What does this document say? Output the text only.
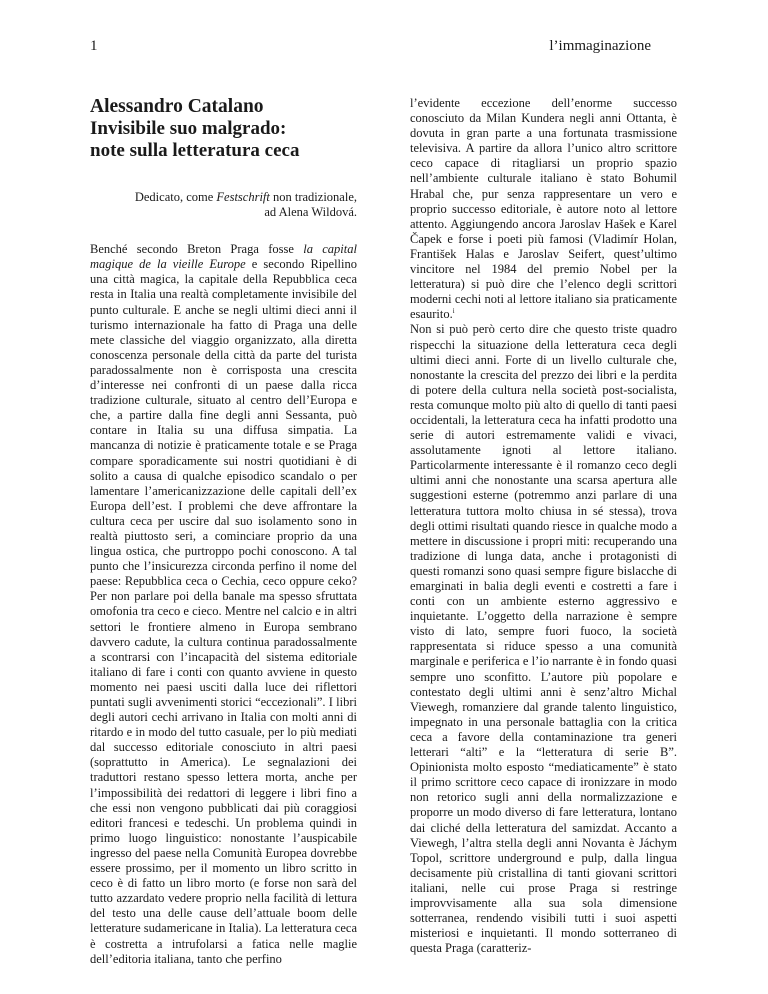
1	l’immaginazione
Alessandro Catalano
Invisibile suo malgrado:
note sulla letteratura ceca
Dedicato, come Festschrift non tradizionale,
ad Alena Wildová.

Benché secondo Breton Praga fosse la capital magique de la vieille Europe e secondo Ripellino una città magica, la capitale della Repubblica ceca resta in Italia una realtà completamente invisibile del punto culturale. E anche se negli ultimi dieci anni il turismo internazionale ha fatto di Praga una delle mete classiche del viaggio organizzato, alla diretta conoscenza personale della città da parte del turista paradossalmente non è corrisposta una crescita d’interesse nei confronti di un paese dalla ricca tradizione culturale, situato al centro dell’Europa e che, a partire dalla fine degli anni Sessanta, può contare in Italia su una diffusa simpatia. La mancanza di notizie è praticamente totale e se Praga compare sporadicamente sui nostri quotidiani è di solito a causa di qualche episodico scandalo o per lamentare l’americanizzazione delle capitali dell’ex Europa dell’est. I problemi che deve affrontare la cultura ceca per uscire dal suo isolamento sono in realtà piuttosto seri, a cominciare proprio da una lingua ostica, che purtroppo pochi conoscono. A tal punto che l’insicurezza circonda perfino il nome del paese: Repubblica ceca o Cechia, ceco oppure ceko? Per non parlare poi della banale ma spesso sfruttata omofonia tra ceco e cieco. Mentre nel calcio e in altri settori le frontiere almeno in Europa sembrano davvero cadute, la cultura continua paradossalmente a scontrarsi con l’incapacità del sistema editoriale italiano di fare i conti con quanto avviene in questo momento nei paesi usciti dalla luce dei riflettori puntati sugli avvenimenti storici “eccezionali”. I libri degli autori cechi arrivano in Italia con molti anni di ritardo e in modo del tutto casuale, per lo più mediati dal successo editoriale conosciuto in altri paesi (soprattutto in America). Le segnalazioni dei traduttori restano spesso lettera morta, anche per l’impossibilità dei redattori di leggere i libri fino a che essi non vengono pubblicati dai più coraggiosi editori francesi e tedeschi. Un problema quindi in primo luogo linguistico: nonostante l’auspicabile ingresso del paese nella Comunità Europea dovrebbe essere prossimo, per il momento un libro scritto in ceco è di fatto un libro morto (e forse non sarà del tutto azzardato vedere proprio nella facilità di lettura del testo una delle cause dell’attuale boom delle letterature sudamericane in Italia). La letteratura ceca è costretta a intrufolarsi a fatica nelle maglie dell’editoria italiana, tanto che perfino

l’evidente eccezione dell’enorme successo conosciuto da Milan Kundera negli anni Ottanta, è dovuta in gran parte a una fortunata trasmissione televisiva. A partire da allora l’unico altro scrittore ceco capace di ritagliarsi un proprio spazio nell’ambiente culturale italiano è stato Bohumil Hrabal che, pur senza rappresentare un vero e proprio successo editoriale, è autore noto al lettore attento. Aggiungendo ancora Jaroslav Hašek e Karel Čapek e forse i poeti più famosi (Vladimír Holan, František Halas e Jaroslav Seifert, quest’ultimo vincitore nel 1984 del premio Nobel per la letteratura) si può dire che l’elenco degli scrittori moderni cechi noti al lettore italiano sia praticamente esaurito.$^i$

Non si può però certo dire che questo triste quadro rispecchi la situazione della letteratura ceca degli ultimi dieci anni. Forte di un livello culturale che, nonostante la crescita del prezzo dei libri e la perdita di potere della cultura nella società post-socialista, resta comunque molto più alto di quello di tanti paesi occidentali, la letteratura ceca ha infatti prodotto una serie di autori estremamente validi e vivaci, assolutamente ignoti al lettore italiano. Particolarmente interessante è il romanzo ceco degli ultimi anni che nonostante una scarsa apertura alle suggestioni esterne (potremmo anzi parlare di una letteratura tuttora molto chiusa in sé stessa), trova degli ottimi risultati quando riesce in qualche modo a mettere in discussione i propri miti: recuperando una tradizione di lunga data, anche i protagonisti di questi romanzi sono quasi sempre figure bislacche di emarginati in balia degli eventi e costretti a fare i conti con un ambiente esterno aggressivo e inquietante. L’oggetto della narrazione è sempre visto di lato, sempre fuori fuoco, la società rappresentata si riduce spesso a una comunità marginale e periferica e l’io narrante è in fondo quasi sempre uno sconfitto. L’autore più popolare e contestato degli ultimi anni è senz’altro Michal Viewegh, romanziere dal grande talento linguistico, impegnato in una personale battaglia con la critica ceca a favore della contaminazione tra generi letterari “alti” e la “letteratura di serie B”. Opinionista molto esposto “mediaticamente” è stato il primo scrittore ceco capace di ironizzare in modo non retorico sugli anni della normalizzazione e proporre un modo diverso di fare letteratura, lontano dai cliché della letteratura del samizdat. Accanto a Viewegh, l’altra stella degli anni Novanta è Jáchym Topol, scrittore underground e pulp, dalla lingua decisamente più cristallina di tanti giovani scrittori italiani, nelle cui prose Praga si restringe improvvisamente alla sua sola dimensione sotterranea, rendendo visibili tutti i suoi aspetti misteriosi e inquietanti. Il mondo sotterraneo di questa Praga (caratteriz-
